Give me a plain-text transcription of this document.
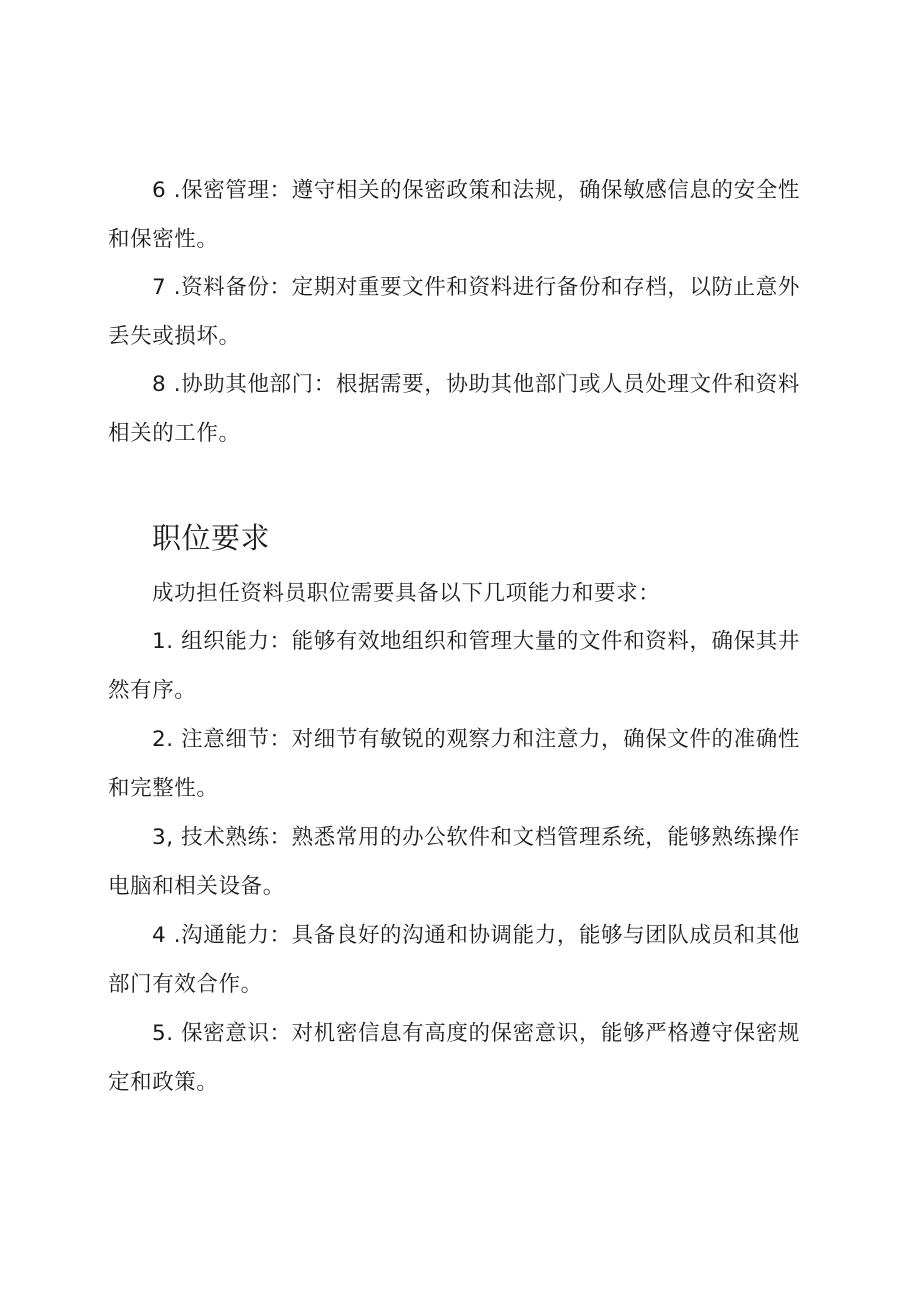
6 .保密管理：遵守相关的保密政策和法规，确保敏感信息的安全性和保密性。

7 .资料备份：定期对重要文件和资料进行备份和存档，以防止意外丢失或损坏。

8 .协助其他部门：根据需要，协助其他部门或人员处理文件和资料相关的工作。

职位要求

成功担任资料员职位需要具备以下几项能力和要求：

1. 组织能力：能够有效地组织和管理大量的文件和资料，确保其井然有序。

2. 注意细节：对细节有敏锐的观察力和注意力，确保文件的准确性和完整性。

3, 技术熟练：熟悉常用的办公软件和文档管理系统，能够熟练操作电脑和相关设备。

4 .沟通能力：具备良好的沟通和协调能力，能够与团队成员和其他部门有效合作。

5. 保密意识：对机密信息有高度的保密意识，能够严格遵守保密规定和政策。
